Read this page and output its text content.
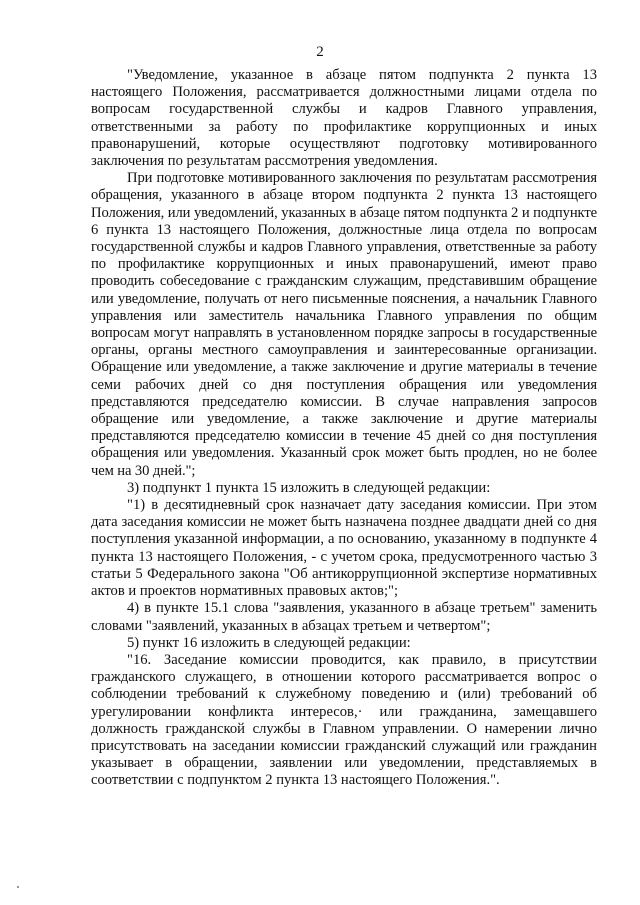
2

"Уведомление, указанное в абзаце пятом подпункта 2 пункта 13 настоящего Положения, рассматривается должностными лицами отдела по вопросам государственной службы и кадров Главного управления, ответственными за работу по профилактике коррупционных и иных правонарушений, которые осуществляют подготовку мотивированного заключения по результатам рассмотрения уведомления.

При подготовке мотивированного заключения по результатам рассмотрения обращения, указанного в абзаце втором подпункта 2 пункта 13 настоящего Положения, или уведомлений, указанных в абзаце пятом подпункта 2 и подпункте 6 пункта 13 настоящего Положения, должностные лица отдела по вопросам государственной службы и кадров Главного управления, ответственные за работу по профилактике коррупционных и иных правонарушений, имеют право проводить собеседование с гражданским служащим, представившим обращение или уведомление, получать от него письменные пояснения, а начальник Главного управления или заместитель начальника Главного управления по общим вопросам могут направлять в установленном порядке запросы в государственные органы, органы местного самоуправления и заинтересованные организации. Обращение или уведомление, а также заключение и другие материалы в течение семи рабочих дней со дня поступления обращения или уведомления представляются председателю комиссии. В случае направления запросов обращение или уведомление, а также заключение и другие материалы представляются председателю комиссии в течение 45 дней со дня поступления обращения или уведомления. Указанный срок может быть продлен, но не более чем на 30 дней.";

3) подпункт 1 пункта 15 изложить в следующей редакции:

"1) в десятидневный срок назначает дату заседания комиссии. При этом дата заседания комиссии не может быть назначена позднее двадцати дней со дня поступления указанной информации, а по основанию, указанному в подпункте 4 пункта 13 настоящего Положения, - с учетом срока, предусмотренного частью 3 статьи 5 Федерального закона "Об антикоррупционной экспертизе нормативных актов и проектов нормативных правовых актов;";

4) в пункте 15.1 слова "заявления, указанного в абзаце третьем" заменить словами "заявлений, указанных в абзацах третьем и четвертом";

5) пункт 16 изложить в следующей редакции:

"16. Заседание комиссии проводится, как правило, в присутствии гражданского служащего, в отношении которого рассматривается вопрос о соблюдении требований к служебному поведению и (или) требований об урегулировании конфликта интересов,· или гражданина, замещавшего должность гражданской службы в Главном управлении. О намерении лично присутствовать на заседании комиссии гражданский служащий или гражданин указывает в обращении, заявлении или уведомлении, представляемых в соответствии с подпунктом 2 пункта 13 настоящего Положения.".
